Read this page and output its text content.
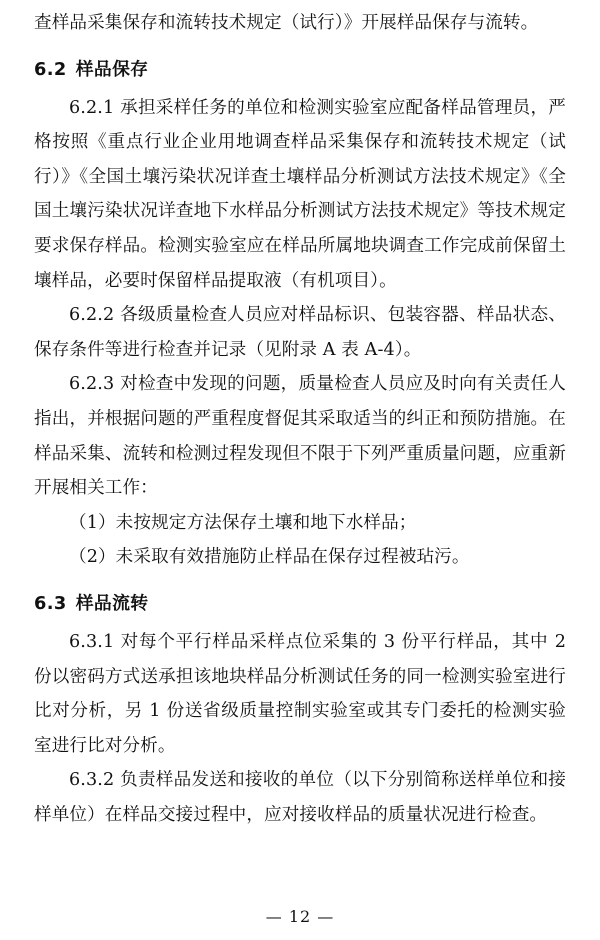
查样品采集保存和流转技术规定（试行）》开展样品保存与流转。

6.2 样品保存

6.2.1 承担采样任务的单位和检测实验室应配备样品管理员，严格按照《重点行业企业用地调查样品采集保存和流转技术规定（试行）》《全国土壤污染状况详查土壤样品分析测试方法技术规定》《全国土壤污染状况详查地下水样品分析测试方法技术规定》等技术规定要求保存样品。检测实验室应在样品所属地块调查工作完成前保留土壤样品，必要时保留样品提取液（有机项目）。

6.2.2 各级质量检查人员应对样品标识、包装容器、样品状态、保存条件等进行检查并记录（见附录 A 表 A-4）。

6.2.3 对检查中发现的问题，质量检查人员应及时向有关责任人指出，并根据问题的严重程度督促其采取适当的纠正和预防措施。在样品采集、流转和检测过程发现但不限于下列严重质量问题，应重新开展相关工作：

（1）未按规定方法保存土壤和地下水样品；

（2）未采取有效措施防止样品在保存过程被玷污。

6.3 样品流转

6.3.1 对每个平行样品采样点位采集的 3 份平行样品，其中 2 份以密码方式送承担该地块样品分析测试任务的同一检测实验室进行比对分析，另 1 份送省级质量控制实验室或其专门委托的检测实验室进行比对分析。

6.3.2 负责样品发送和接收的单位（以下分别简称送样单位和接样单位）在样品交接过程中，应对接收样品的质量状况进行检查。

— 12 —
